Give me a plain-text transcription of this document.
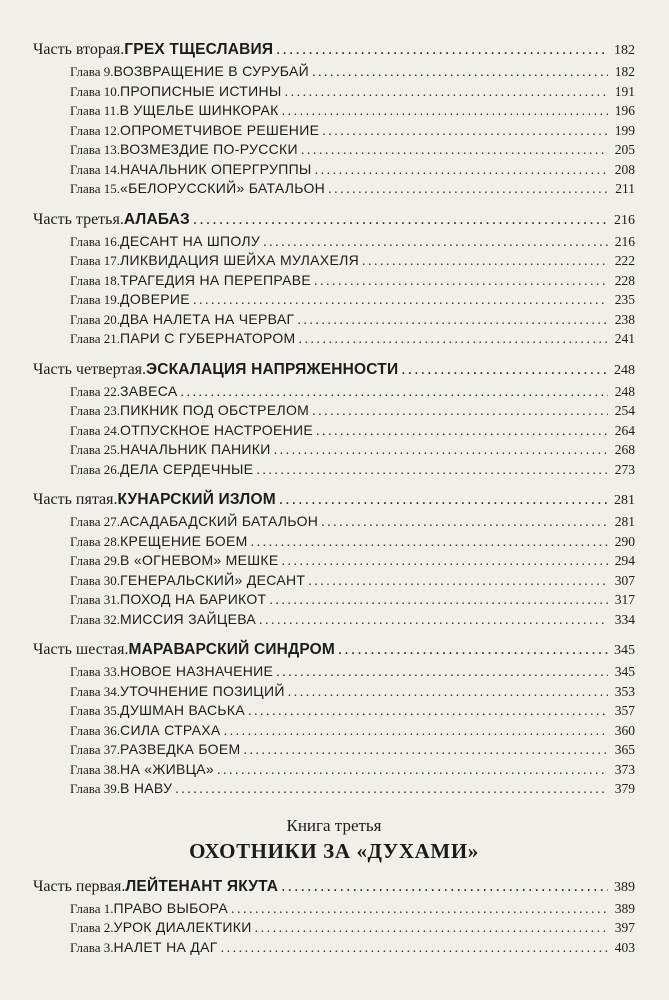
Часть вторая. ГРЕХ ТЩЕСЛАВИЯ .....	182
Глава 9. ВОЗВРАЩЕНИЕ В СУРУБАЙ .....	182
Глава 10. ПРОПИСНЫЕ ИСТИНЫ .....	191
Глава 11. В УЩЕЛЬЕ ШИНКОРАК .....	196
Глава 12. ОПРОМЕТЧИВОЕ РЕШЕНИЕ .....	199
Глава 13. ВОЗМЕЗДИЕ ПО-РУССКИ .....	205
Глава 14. НАЧАЛЬНИК ОПЕРГРУППЫ .....	208
Глава 15. «БЕЛОРУССКИЙ» БАТАЛЬОН .....	211
Часть третья. АЛАБАЗ .....	216
Глава 16. ДЕСАНТ НА ШПОЛУ .....	216
Глава 17. ЛИКВИДАЦИЯ ШЕЙХА МУЛАХЕЛЯ .....	222
Глава 18. ТРАГЕДИЯ НА ПЕРЕПРАВЕ .....	228
Глава 19. ДОВЕРИЕ .....	235
Глава 20. ДВА НАЛЕТА НА ЧЕРВАГ .....	238
Глава 21. ПАРИ С ГУБЕРНАТОРОМ .....	241
Часть четвертая. ЭСКАЛАЦИЯ НАПРЯЖЕННОСТИ .....	248
Глава 22. ЗАВЕСА .....	248
Глава 23. ПИКНИК ПОД ОБСТРЕЛОМ .....	254
Глава 24. ОТПУСКНОЕ НАСТРОЕНИЕ .....	264
Глава 25. НАЧАЛЬНИК ПАНИКИ .....	268
Глава 26. ДЕЛА СЕРДЕЧНЫЕ .....	273
Часть пятая. КУНАРСКИЙ ИЗЛОМ .....	281
Глава 27. АСАДАБАДСКИЙ БАТАЛЬОН .....	281
Глава 28. КРЕЩЕНИЕ БОЕМ .....	290
Глава 29. В «ОГНЕВОМ» МЕШКЕ .....	294
Глава 30. ГЕНЕРАЛЬСКИЙ» ДЕСАНТ .....	307
Глава 31. ПОХОД НА БАРИКОТ .....	317
Глава 32. МИССИЯ ЗАЙЦЕВА .....	334
Часть шестая. МАРАВАРСКИЙ СИНДРОМ .....	345
Глава 33. НОВОЕ НАЗНАЧЕНИЕ .....	345
Глава 34. УТОЧНЕНИЕ ПОЗИЦИЙ .....	353
Глава 35. ДУШМАН ВАСЬКА .....	357
Глава 36. СИЛА СТРАХА .....	360
Глава 37. РАЗВЕДКА БОЕМ .....	365
Глава 38. НА «ЖИВЦА» .....	373
Глава 39. В НАВУ .....	379
Книга третья
ОХОТНИКИ ЗА «ДУХАМИ»
Часть первая. ЛЕЙТЕНАНТ ЯКУТА .....	389
Глава 1. ПРАВО ВЫБОРА .....	389
Глава 2. УРОК ДИАЛЕКТИКИ .....	397
Глава 3. НАЛЕТ НА ДАГ .....	403
